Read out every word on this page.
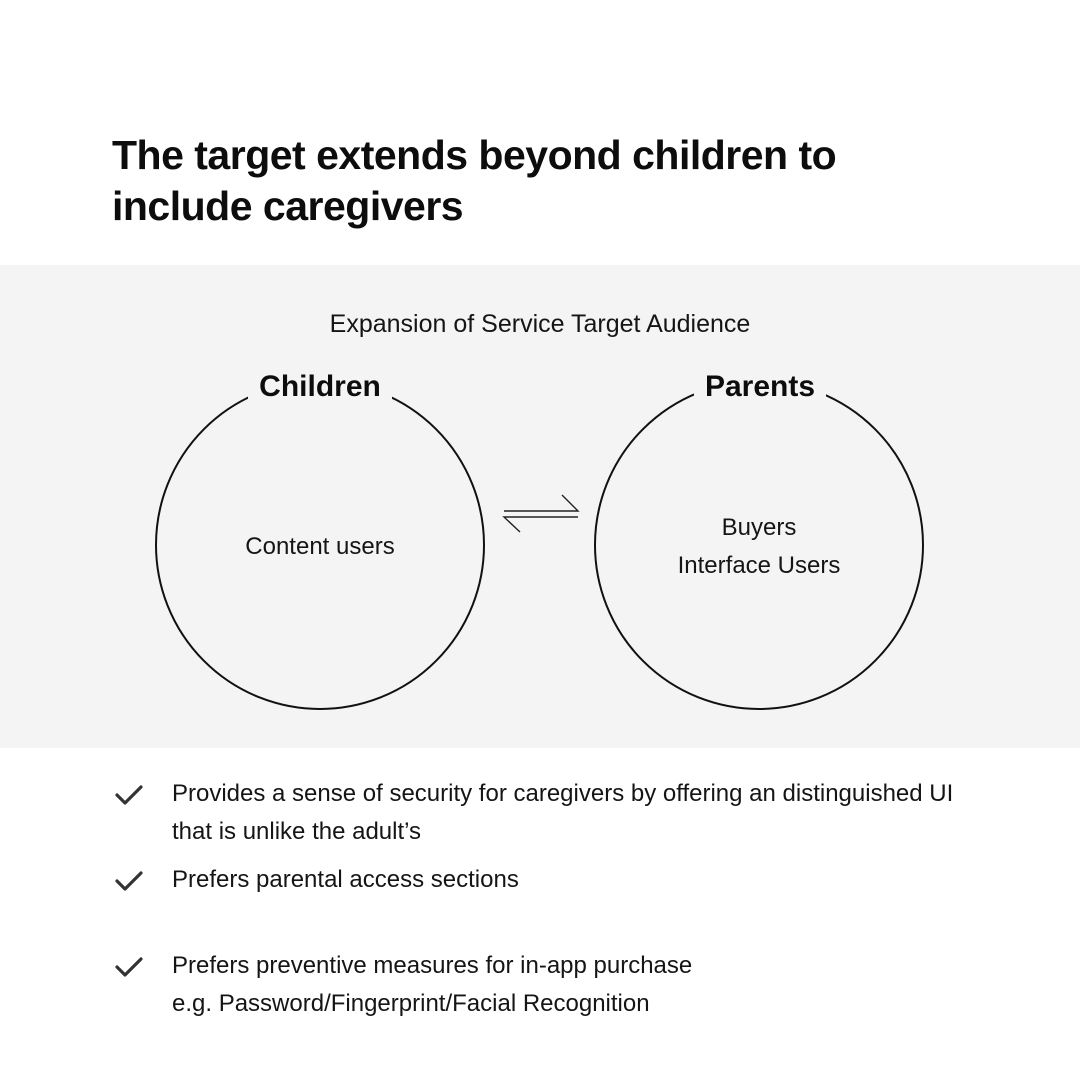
The target extends beyond children to
include caregivers
Expansion of Service Target Audience
Children
Content users
Parents
Buyers
Interface Users
Provides a sense of security for caregivers by offering an distinguished UI
that is unlike the adult’s
Prefers parental access sections
Prefers preventive measures for in-app purchase
e.g. Password/Fingerprint/Facial Recognition
